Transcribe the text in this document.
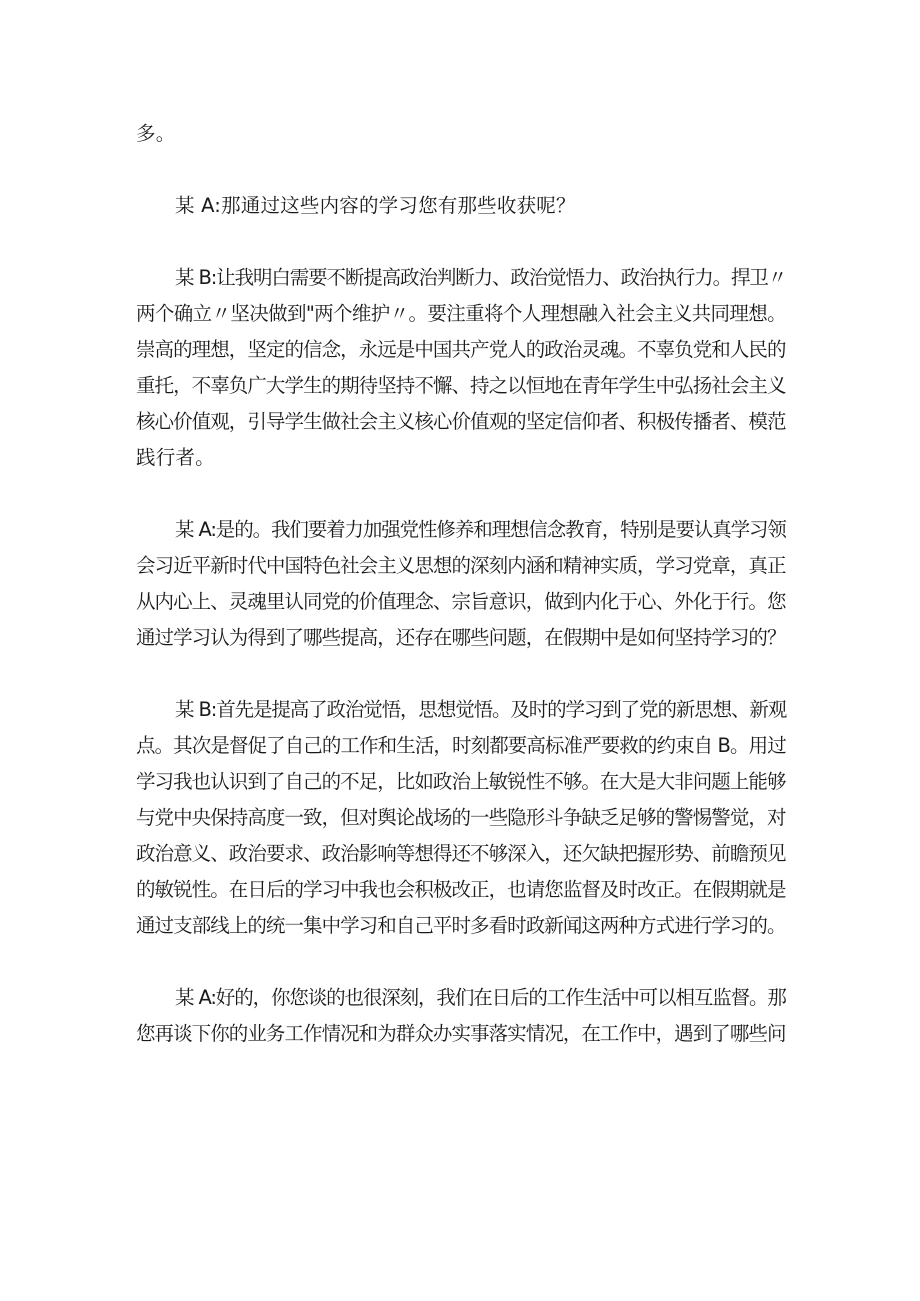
多。
某 A:那通过这些内容的学习您有那些收获呢？
某 B:让我明白需要不断提高政治判断力、政治觉悟力、政治执行力。捍卫〃
两个确立〃坚决做到"两个维护〃。要注重将个人理想融入社会主义共同理想。
崇高的理想，坚定的信念，永远是中国共产党人的政治灵魂。不辜负党和人民的
重托，不辜负广大学生的期待坚持不懈、持之以恒地在青年学生中弘扬社会主义
核心价值观，引导学生做社会主义核心价值观的坚定信仰者、积极传播者、模范
践行者。
某 A:是的。我们要着力加强党性修养和理想信念教育，特别是要认真学习领
会习近平新时代中国特色社会主义思想的深刻内涵和精神实质，学习党章，真正
从内心上、灵魂里认同党的价值理念、宗旨意识，做到内化于心、外化于行。您
通过学习认为得到了哪些提高，还存在哪些问题，在假期中是如何坚持学习的？
某 B:首先是提高了政治觉悟，思想觉悟。及时的学习到了党的新思想、新观
点。其次是督促了自己的工作和生活，时刻都要高标准严要救的约束自 B。用过
学习我也认识到了自己的不足，比如政治上敏锐性不够。在大是大非问题上能够
与党中央保持高度一致，但对舆论战场的一些隐形斗争缺乏足够的警惕警觉，对
政治意义、政治要求、政治影响等想得还不够深入，还欠缺把握形势、前瞻预见
的敏锐性。在日后的学习中我也会积极改正，也请您监督及时改正。在假期就是
通过支部线上的统一集中学习和自己平时多看时政新闻这两种方式进行学习的。
某 A:好的，你您谈的也很深刻，我们在日后的工作生活中可以相互监督。那
您再谈下你的业务工作情况和为群众办实事落实情况，在工作中，遇到了哪些问
